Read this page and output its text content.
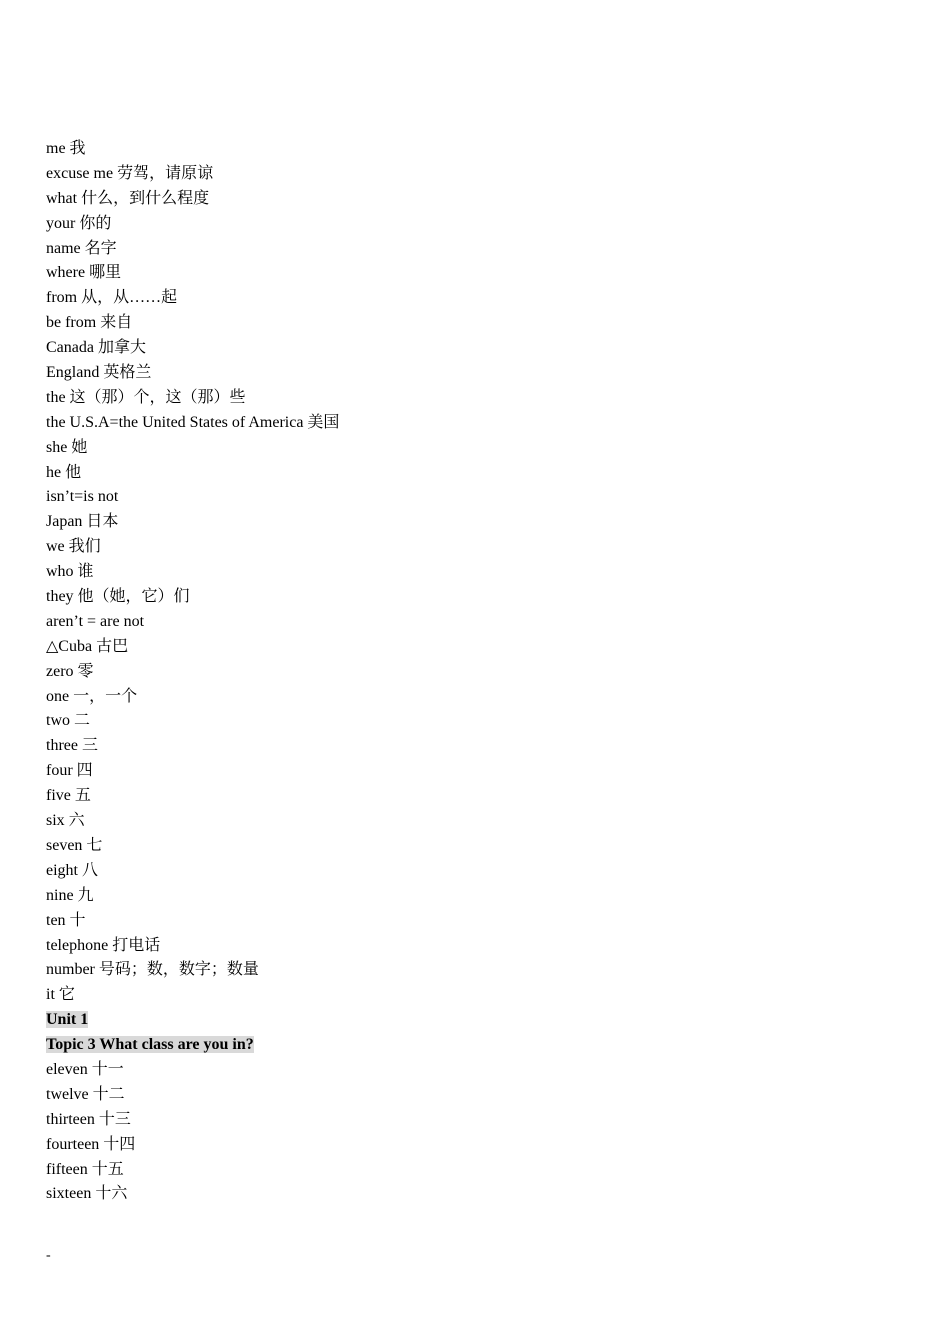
me 我
excuse me 劳驾，请原谅
what 什么，到什么程度
your 你的
name 名字
where 哪里
from 从，从……起
be from 来自
Canada 加拿大
England 英格兰
the 这（那）个，这（那）些
the U.S.A=the United States of America 美国
she 她
he 他
isn’t=is not
Japan 日本
we 我们
who 谁
they 他（她，它）们
aren’t = are not
△Cuba 古巴
zero 零
one 一，一个
two 二
three 三
four 四
five 五
six 六
seven 七
eight 八
nine 九
ten 十
telephone 打电话
number 号码；数，数字；数量
it 它
Unit 1
Topic 3 What class are you in?
eleven 十一
twelve 十二
thirteen 十三
fourteen 十四
fifteen 十五
sixteen 十六
-
